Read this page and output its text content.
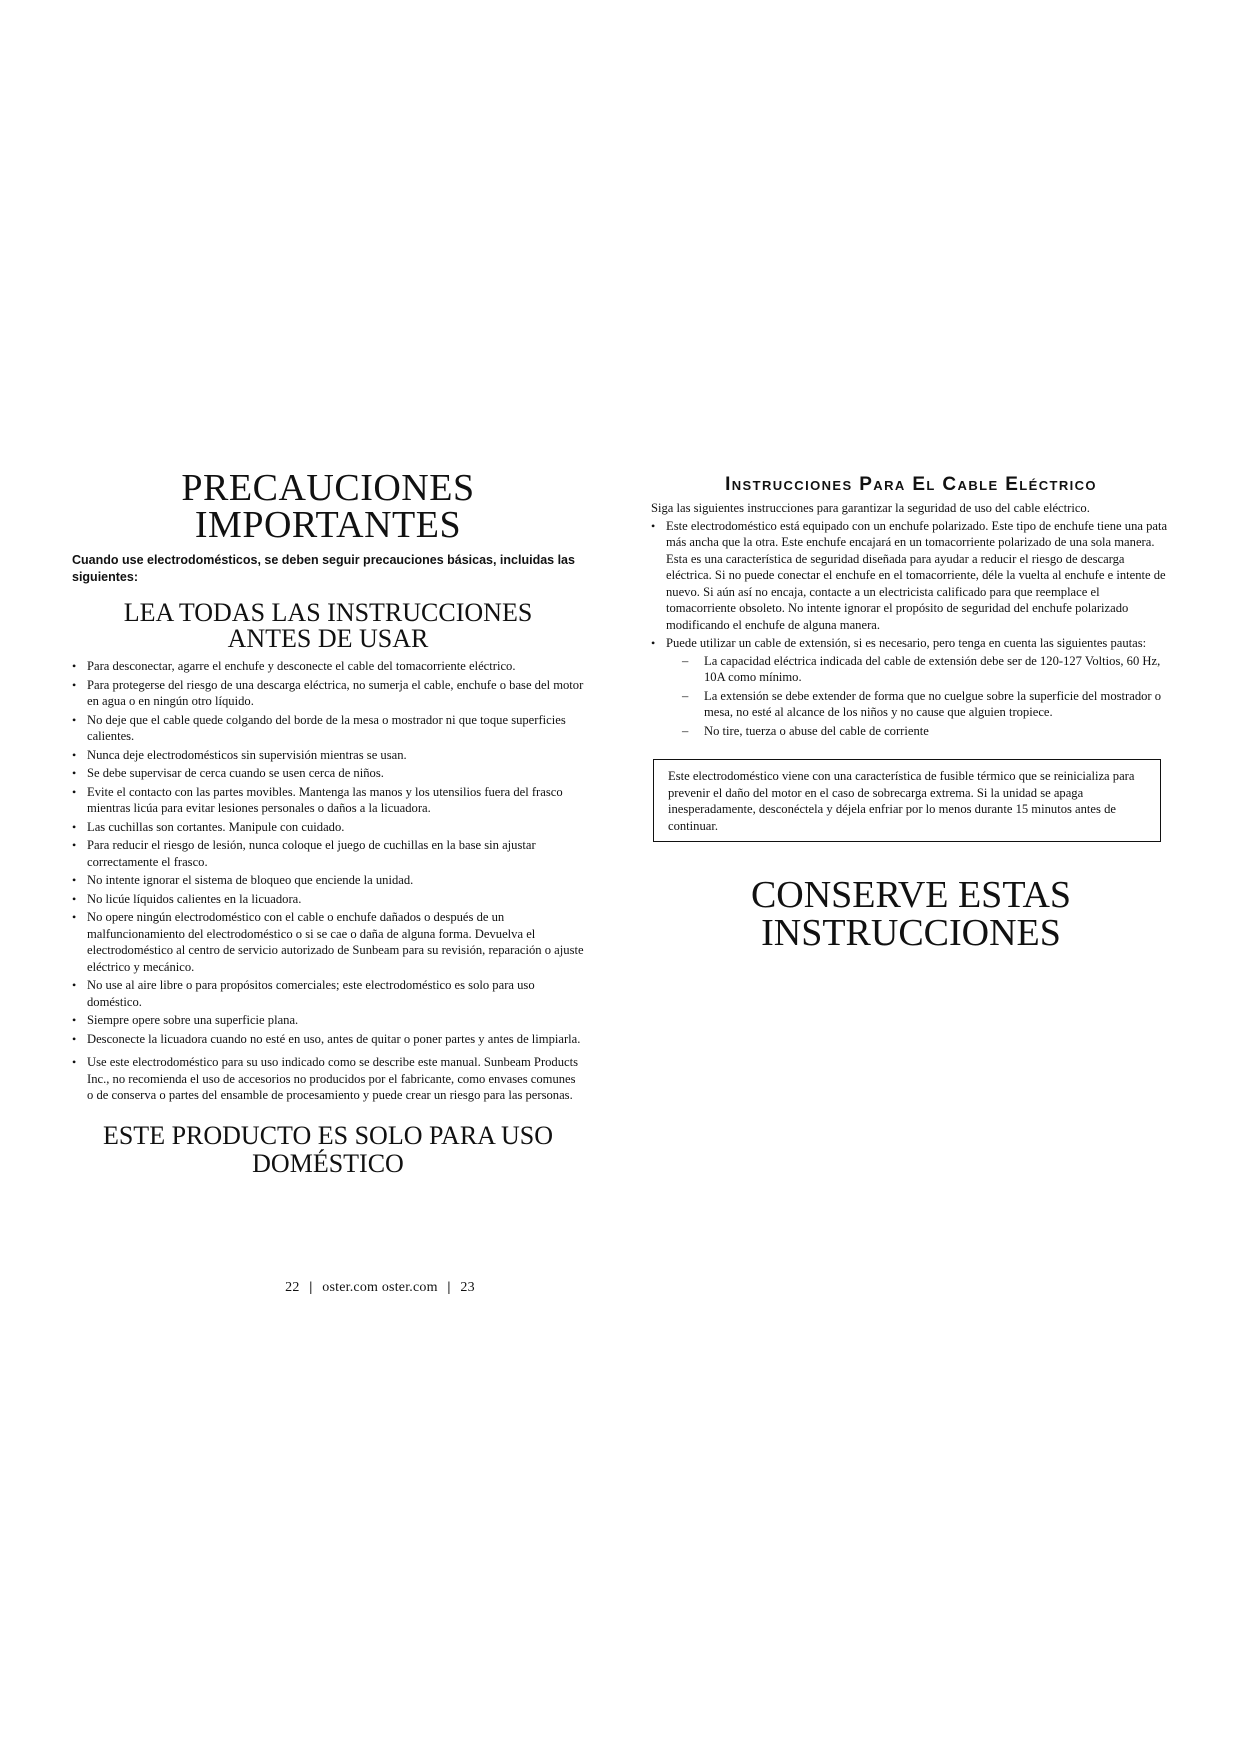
PRECAUCIONES
IMPORTANTES

Cuando use electrodomésticos, se deben seguir precauciones básicas, incluidas las siguientes:

LEA TODAS LAS INSTRUCCIONES
ANTES DE USAR
• Para desconectar, agarre el enchufe y desconecte el cable del tomacorriente eléctrico.
• Para protegerse del riesgo de una descarga eléctrica, no sumerja el cable, enchufe o base del motor en agua o en ningún otro líquido.
• No deje que el cable quede colgando del borde de la mesa o mostrador ni que toque superficies calientes.
• Nunca deje electrodomésticos sin supervisión mientras se usan.
• Se debe supervisar de cerca cuando se usen cerca de niños.
• Evite el contacto con las partes movibles. Mantenga las manos y los utensilios fuera del frasco mientras licúa para evitar lesiones personales o daños a la licuadora.
• Las cuchillas son cortantes. Manipule con cuidado.
• Para reducir el riesgo de lesión, nunca coloque el juego de cuchillas en la base sin ajustar correctamente el frasco.
• No intente ignorar el sistema de bloqueo que enciende la unidad.
• No licúe líquidos calientes en la licuadora.
• No opere ningún electrodoméstico con el cable o enchufe dañados o después de un malfuncionamiento del electrodoméstico o si se cae o daña de alguna forma. Devuelva el electrodoméstico al centro de servicio autorizado de Sunbeam para su revisión, reparación o ajuste eléctrico y mecánico.
• No use al aire libre o para propósitos comerciales; este electrodoméstico es solo para uso doméstico.
• Siempre opere sobre una superficie plana.
• Desconecte la licuadora cuando no esté en uso, antes de quitar o poner partes y antes de limpiarla.
• Use este electrodoméstico para su uso indicado como se describe este manual. Sunbeam Products Inc., no recomienda el uso de accesorios no producidos por el fabricante, como envases comunes o de conserva o partes del ensamble de procesamiento y puede crear un riesgo para las personas.
ESTE PRODUCTO ES SOLO PARA USO
DOMÉSTICO
Instrucciones Para El Cable Eléctrico

Siga las siguientes instrucciones para garantizar la seguridad de uso del cable eléctrico.

• Este electrodoméstico está equipado con un enchufe polarizado. Este tipo de enchufe tiene una pata más ancha que la otra. Este enchufe encajará en un tomacorriente polarizado de una sola manera. Esta es una característica de seguridad diseñada para ayudar a reducir el riesgo de descarga eléctrica. Si no puede conectar el enchufe en el tomacorriente, déle la vuelta al enchufe e intente de nuevo. Si aún así no encaja, contacte a un electricista calificado para que reemplace el tomacorriente obsoleto. No intente ignorar el propósito de seguridad del enchufe polarizado modificando el enchufe de alguna manera.
• Puede utilizar un cable de extensión, si es necesario, pero tenga en cuenta las siguientes pautas:
– La capacidad eléctrica indicada del cable de extensión debe ser de 120-127 Voltios, 60 Hz, 10A como mínimo.
– La extensión se debe extender de forma que no cuelgue sobre la superficie del mostrador o mesa, no esté al alcance de los niños y no cause que alguien tropiece.
– No tire, tuerza o abuse del cable de corriente
Este electrodoméstico viene con una característica de fusible térmico que se reinicializa para prevenir el daño del motor en el caso de sobrecarga extrema. Si la unidad se apaga inesperadamente, desconéctela y déjela enfriar por lo menos durante 15 minutos antes de continuar.
CONSERVE ESTAS
INSTRUCCIONES
22 | oster.com oster.com | 23
